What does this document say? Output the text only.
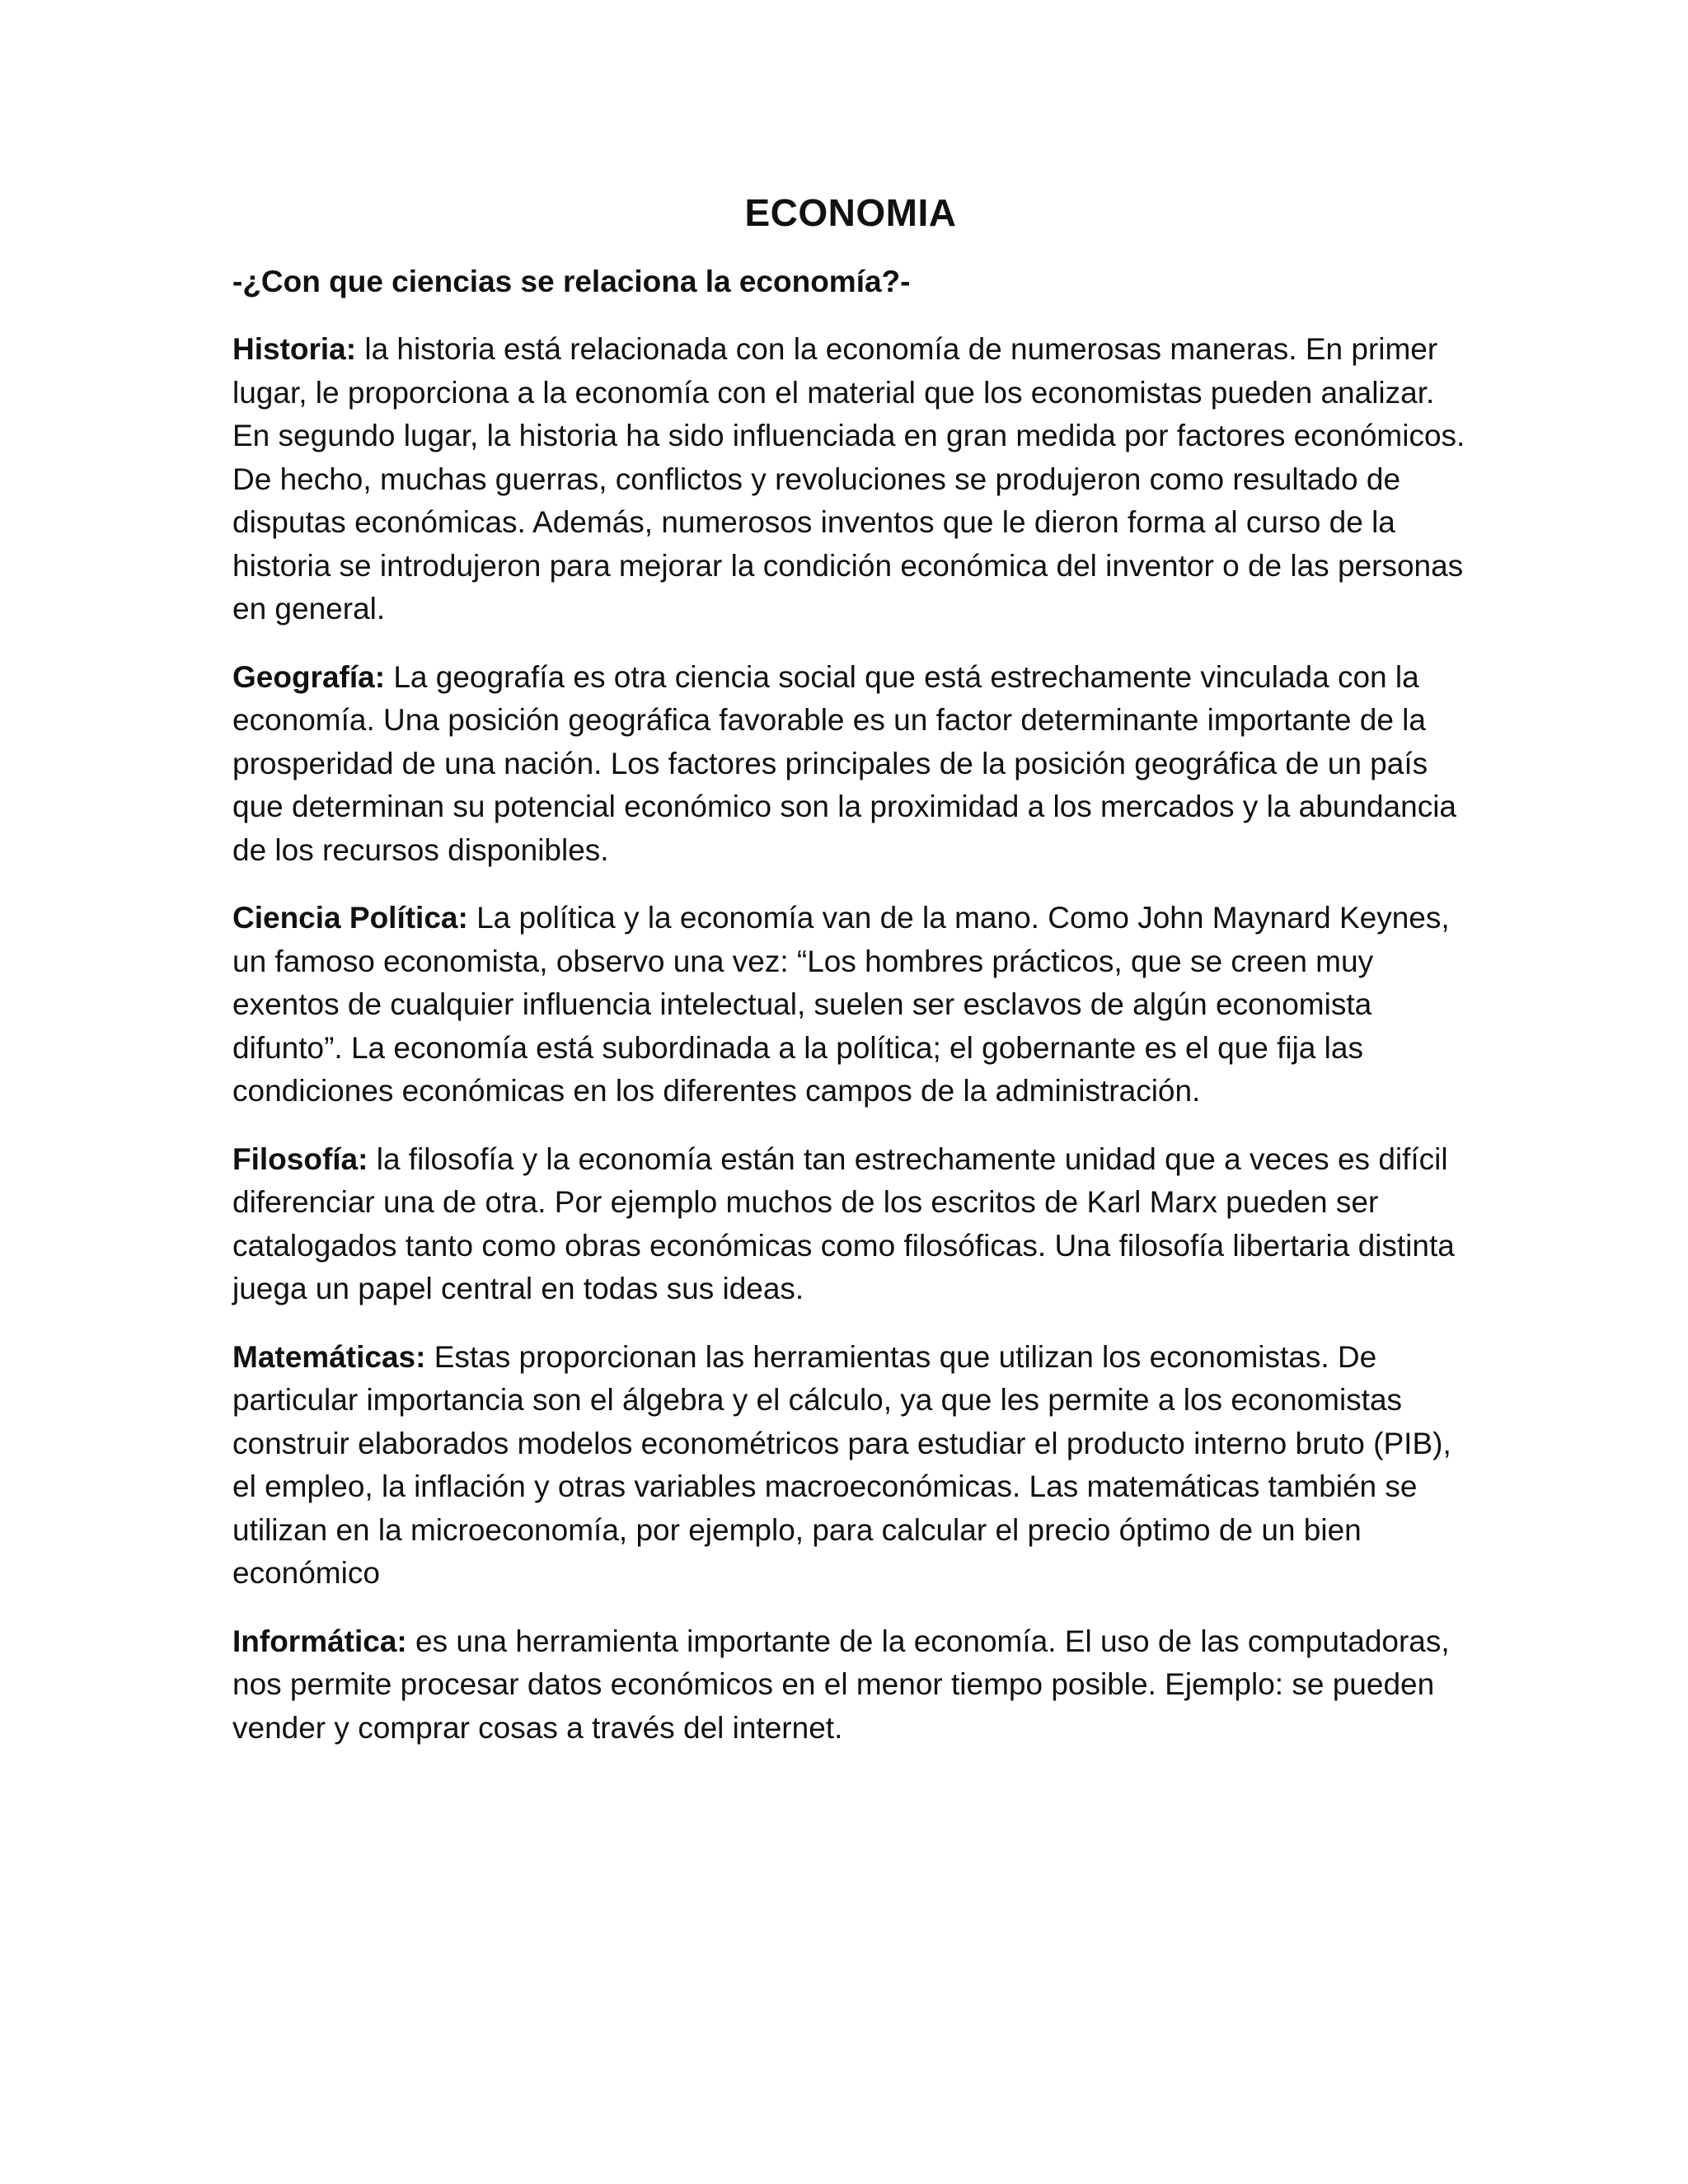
ECONOMIA

-¿Con que ciencias se relaciona la economía?-

Historia: la historia está relacionada con la economía de numerosas maneras. En primer lugar, le proporciona a la economía con el material que los economistas pueden analizar. En segundo lugar, la historia ha sido influenciada en gran medida por factores económicos. De hecho, muchas guerras, conflictos y revoluciones se produjeron como resultado de disputas económicas. Además, numerosos inventos que le dieron forma al curso de la historia se introdujeron para mejorar la condición económica del inventor o de las personas en general.

Geografía: La geografía es otra ciencia social que está estrechamente vinculada con la economía. Una posición geográfica favorable es un factor determinante importante de la prosperidad de una nación. Los factores principales de la posición geográfica de un país que determinan su potencial económico son la proximidad a los mercados y la abundancia de los recursos disponibles.

Ciencia Política: La política y la economía van de la mano. Como John Maynard Keynes, un famoso economista, observo una vez: “Los hombres prácticos, que se creen muy exentos de cualquier influencia intelectual, suelen ser esclavos de algún economista difunto”. La economía está subordinada a la política; el gobernante es el que fija las condiciones económicas en los diferentes campos de la administración.

Filosofía: la filosofía y la economía están tan estrechamente unidad que a veces es difícil diferenciar una de otra. Por ejemplo muchos de los escritos de Karl Marx pueden ser catalogados tanto como obras económicas como filosóficas. Una filosofía libertaria distinta juega un papel central en todas sus ideas.

Matemáticas: Estas proporcionan las herramientas que utilizan los economistas. De particular importancia son el álgebra y el cálculo, ya que les permite a los economistas construir elaborados modelos econométricos para estudiar el producto interno bruto (PIB), el empleo, la inflación y otras variables macroeconómicas. Las matemáticas también se utilizan en la microeconomía, por ejemplo, para calcular el precio óptimo de un bien económico

Informática: es una herramienta importante de la economía. El uso de las computadoras, nos permite procesar datos económicos en el menor tiempo posible. Ejemplo: se pueden vender y comprar cosas a través del internet.
